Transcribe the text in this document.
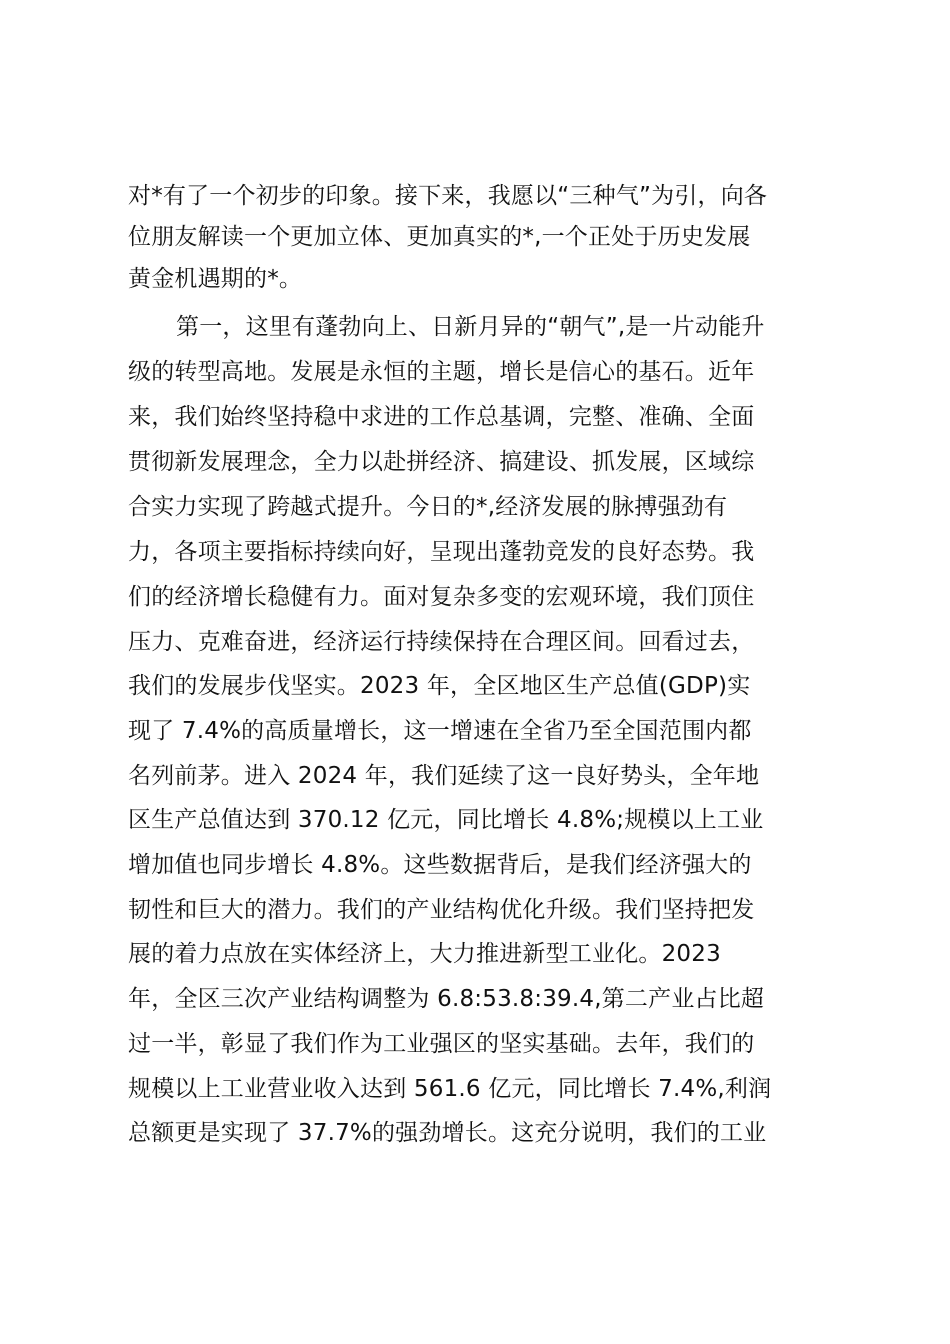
对*有了一个初步的印象。接下来，我愿以“三种气”为引，向各
位朋友解读一个更加立体、更加真实的*,一个正处于历史发展
黄金机遇期的*。
第一，这里有蓬勃向上、日新月异的“朝气”,是一片动能升
级的转型高地。发展是永恒的主题，增长是信心的基石。近年
来，我们始终坚持稳中求进的工作总基调，完整、准确、全面
贯彻新发展理念，全力以赴拼经济、搞建设、抓发展，区域综
合实力实现了跨越式提升。今日的*,经济发展的脉搏强劲有
力，各项主要指标持续向好，呈现出蓬勃竞发的良好态势。我
们的经济增长稳健有力。面对复杂多变的宏观环境，我们顶住
压力、克难奋进，经济运行持续保持在合理区间。回看过去，
我们的发展步伐坚实。2023 年，全区地区生产总值(GDP)实
现了 7.4%的高质量增长，这一增速在全省乃至全国范围内都
名列前茅。进入 2024 年，我们延续了这一良好势头，全年地
区生产总值达到 370.12 亿元，同比增长 4.8%;规模以上工业
增加值也同步增长 4.8%。这些数据背后，是我们经济强大的
韧性和巨大的潜力。我们的产业结构优化升级。我们坚持把发
展的着力点放在实体经济上，大力推进新型工业化。2023
年，全区三次产业结构调整为 6.8:53.8:39.4,第二产业占比超
过一半，彰显了我们作为工业强区的坚实基础。去年，我们的
规模以上工业营业收入达到 561.6 亿元，同比增长 7.4%,利润
总额更是实现了 37.7%的强劲增长。这充分说明，我们的工业
